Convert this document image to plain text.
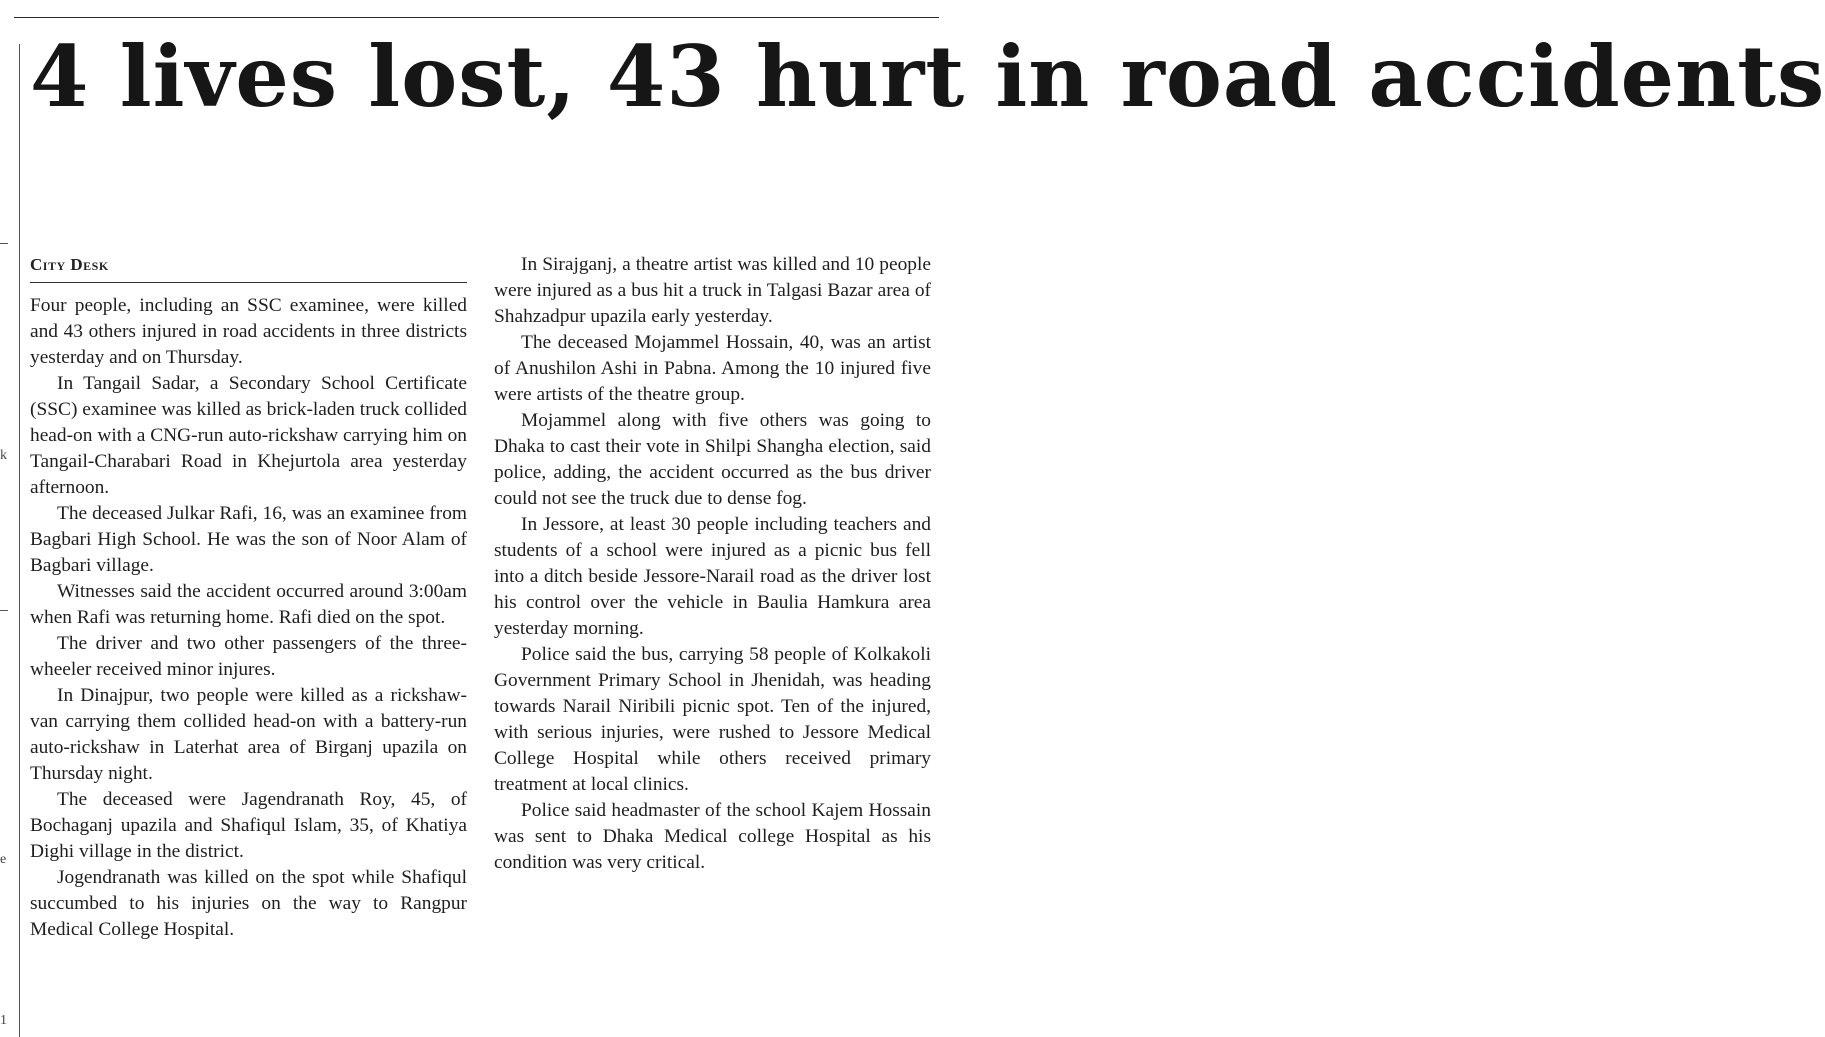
k
e
1
4 lives lost, 43 hurt in road accidents
City Desk

Four people, including an SSC examinee, were killed and 43 others injured in road accidents in three districts yesterday and on Thursday.

In Tangail Sadar, a Secondary School Certificate (SSC) examinee was killed as brick-laden truck collided head-on with a CNG-run auto-rickshaw carrying him on Tangail-Charabari Road in Khejurtola area yesterday afternoon.

The deceased Julkar Rafi, 16, was an examinee from Bagbari High School. He was the son of Noor Alam of Bagbari village.

Witnesses said the accident occurred around 3:00am when Rafi was returning home. Rafi died on the spot.

The driver and two other passengers of the three-wheeler received minor injures.

In Dinajpur, two people were killed as a rickshaw-van carrying them collided head-on with a battery-run auto-rickshaw in Laterhat area of Birganj upazila on Thursday night.

The deceased were Jagendranath Roy, 45, of Bochaganj upazila and Shafiqul Islam, 35, of Khatiya Dighi village in the district.

Jogendranath was killed on the spot while Shafiqul succumbed to his injuries on the way to Rangpur Medical College Hospital.

In Sirajganj, a theatre artist was killed and 10 people were injured as a bus hit a truck in Talgasi Bazar area of Shahzadpur upazila early yesterday.

The deceased Mojammel Hossain, 40, was an artist of Anushilon Ashi in Pabna. Among the 10 injured five were artists of the theatre group.

Mojammel along with five others was going to Dhaka to cast their vote in Shilpi Shangha election, said police, adding, the accident occurred as the bus driver could not see the truck due to dense fog.

In Jessore, at least 30 people including teachers and students of a school were injured as a picnic bus fell into a ditch beside Jessore-Narail road as the driver lost his control over the vehicle in Baulia Hamkura area yesterday morning.

Police said the bus, carrying 58 people of Kolkakoli Government Primary School in Jhenidah, was heading towards Narail Niribili picnic spot. Ten of the injured, with serious injuries, were rushed to Jessore Medical College Hospital while others received primary treatment at local clinics.

Police said headmaster of the school Kajem Hossain was sent to Dhaka Medical college Hospital as his condition was very critical.
